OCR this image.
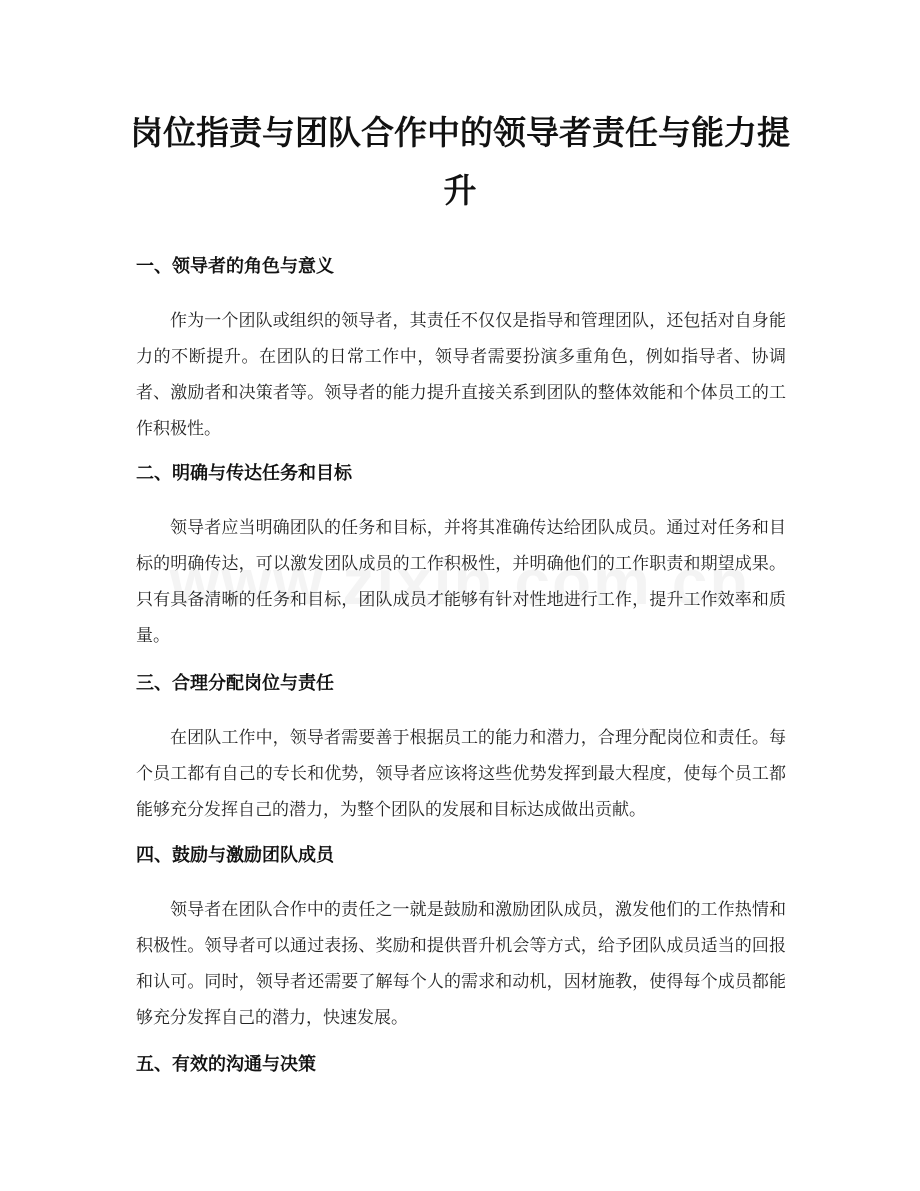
岗位指责与团队合作中的领导者责任与能力提升
一、领导者的角色与意义

作为一个团队或组织的领导者，其责任不仅仅是指导和管理团队，还包括对自身能力的不断提升。在团队的日常工作中，领导者需要扮演多重角色，例如指导者、协调者、激励者和决策者等。领导者的能力提升直接关系到团队的整体效能和个体员工的工作积极性。

二、明确与传达任务和目标

领导者应当明确团队的任务和目标，并将其准确传达给团队成员。通过对任务和目标的明确传达，可以激发团队成员的工作积极性，并明确他们的工作职责和期望成果。只有具备清晰的任务和目标，团队成员才能够有针对性地进行工作，提升工作效率和质量。

三、合理分配岗位与责任

在团队工作中，领导者需要善于根据员工的能力和潜力，合理分配岗位和责任。每个员工都有自己的专长和优势，领导者应该将这些优势发挥到最大程度，使每个员工都能够充分发挥自己的潜力，为整个团队的发展和目标达成做出贡献。

四、鼓励与激励团队成员

领导者在团队合作中的责任之一就是鼓励和激励团队成员，激发他们的工作热情和积极性。领导者可以通过表扬、奖励和提供晋升机会等方式，给予团队成员适当的回报和认可。同时，领导者还需要了解每个人的需求和动机，因材施教，使得每个成员都能够充分发挥自己的潜力，快速发展。

五、有效的沟通与决策
